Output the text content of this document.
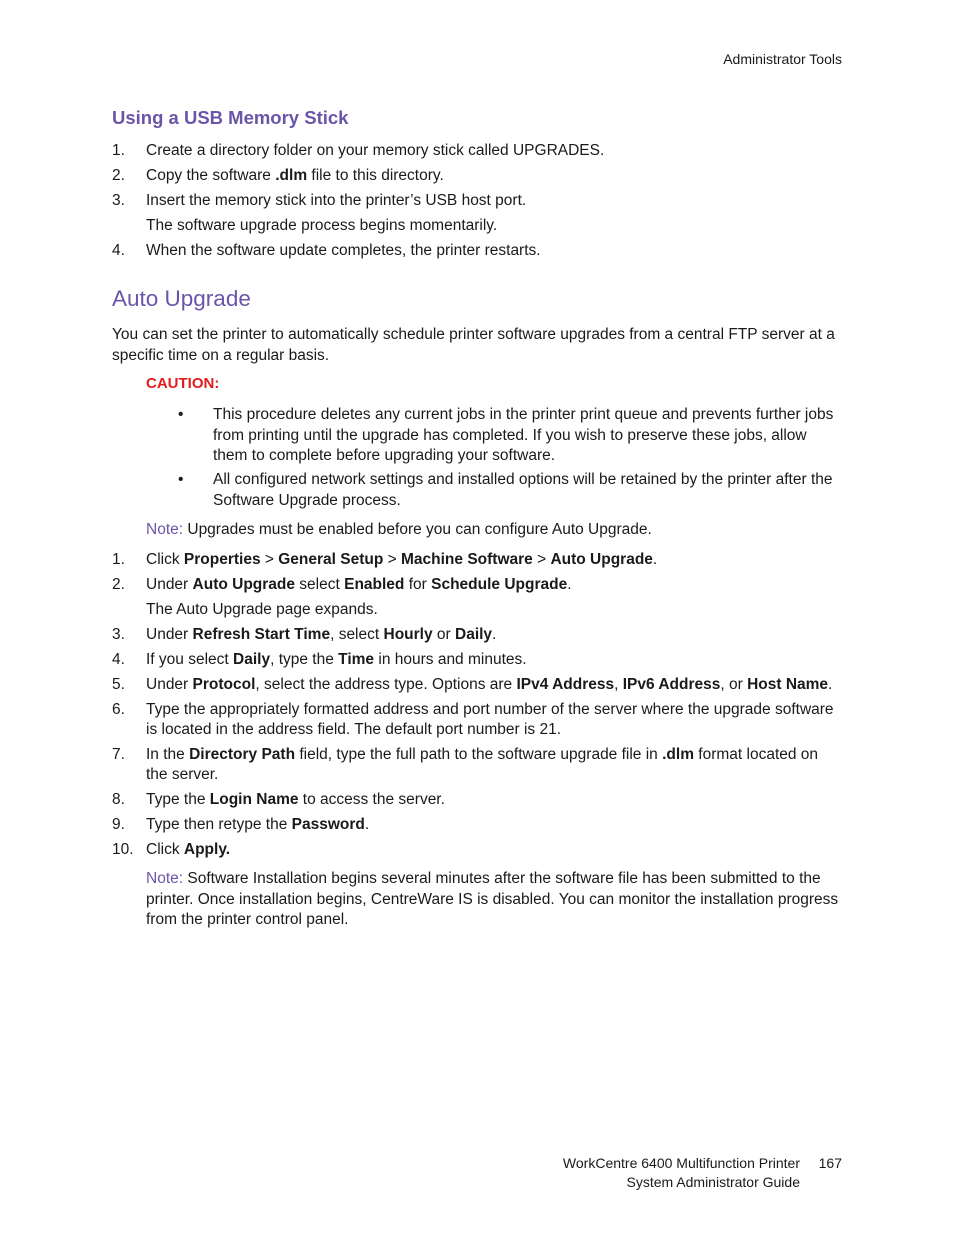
Administrator Tools
Using a USB Memory Stick
1.	Create a directory folder on your memory stick called UPGRADES.
2.	Copy the software .dlm file to this directory.
3.	Insert the memory stick into the printer’s USB host port.
The software upgrade process begins momentarily.
4.	When the software update completes, the printer restarts.
Auto Upgrade
You can set the printer to automatically schedule printer software upgrades from a central FTP server at a specific time on a regular basis.
CAUTION:
• This procedure deletes any current jobs in the printer print queue and prevents further jobs from printing until the upgrade has completed. If you wish to preserve these jobs, allow them to complete before upgrading your software.
• All configured network settings and installed options will be retained by the printer after the Software Upgrade process.
Note: Upgrades must be enabled before you can configure Auto Upgrade.
1.	Click Properties > General Setup > Machine Software > Auto Upgrade.
2.	Under Auto Upgrade select Enabled for Schedule Upgrade.
The Auto Upgrade page expands.
3.	Under Refresh Start Time, select Hourly or Daily.
4.	If you select Daily, type the Time in hours and minutes.
5.	Under Protocol, select the address type. Options are IPv4 Address, IPv6 Address, or Host Name.
6.	Type the appropriately formatted address and port number of the server where the upgrade software is located in the address field. The default port number is 21.
7.	In the Directory Path field, type the full path to the software upgrade file in .dlm format located on the server.
8.	Type the Login Name to access the server.
9.	Type then retype the Password.
10. Click Apply.
Note: Software Installation begins several minutes after the software file has been submitted to the printer. Once installation begins, CentreWare IS is disabled. You can monitor the installation progress from the printer control panel.
WorkCentre 6400 Multifunction Printer
System Administrator Guide
167
